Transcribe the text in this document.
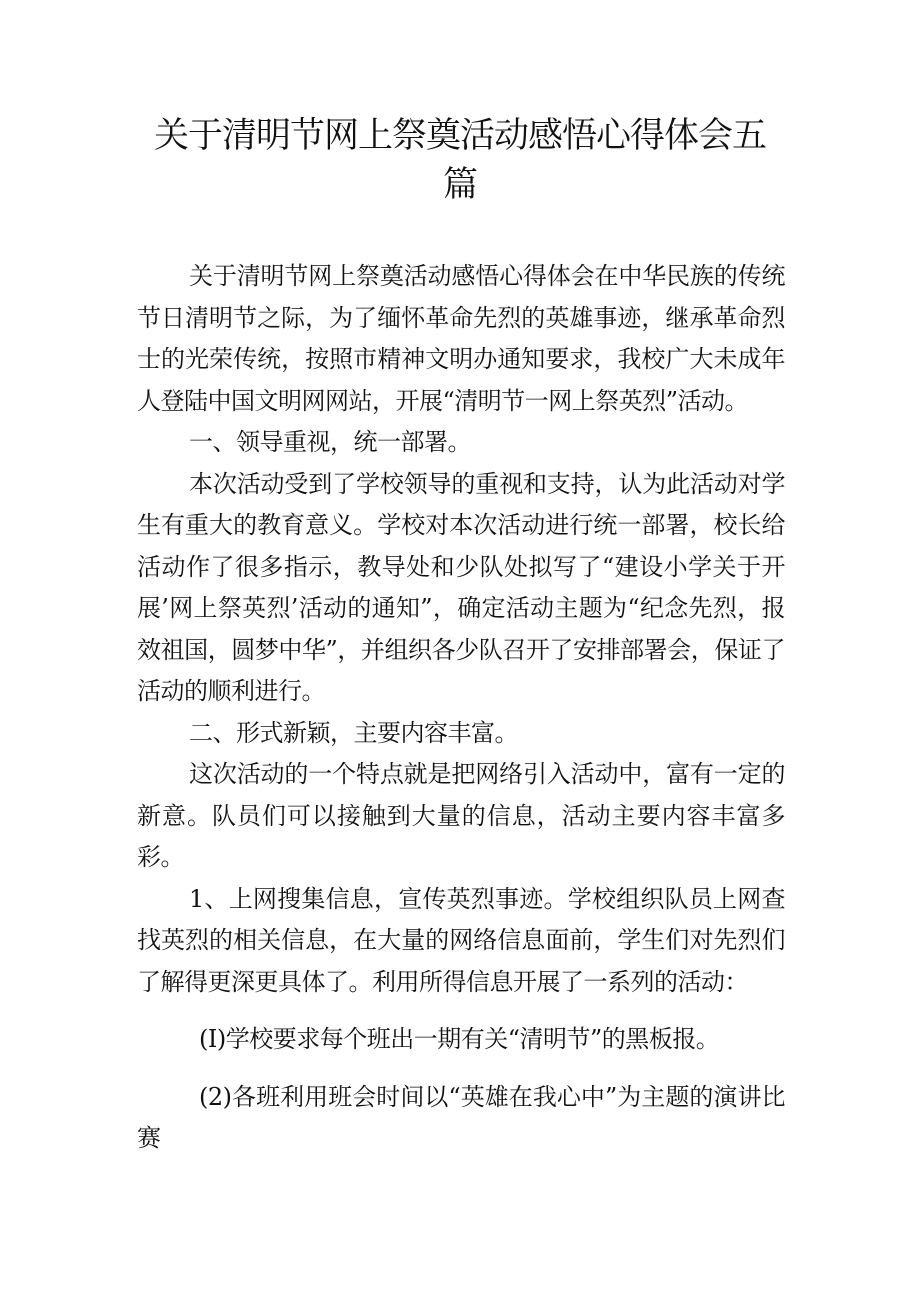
关于清明节网上祭奠活动感悟心得体会五篇

关于清明节网上祭奠活动感悟心得体会在中华民族的传统节日清明节之际，为了缅怀革命先烈的英雄事迹，继承革命烈士的光荣传统，按照市精神文明办通知要求，我校广大未成年人登陆中国文明网网站，开展“清明节一网上祭英烈”活动。

一、领导重视，统一部署。

本次活动受到了学校领导的重视和支持，认为此活动对学生有重大的教育意义。学校对本次活动进行统一部署，校长给活动作了很多指示，教导处和少队处拟写了“建设小学关于开展’网上祭英烈’活动的通知”，确定活动主题为“纪念先烈，报效祖国，圆梦中华”，并组织各少队召开了安排部署会，保证了活动的顺利进行。

二、形式新颖，主要内容丰富。

这次活动的一个特点就是把网络引入活动中，富有一定的新意。队员们可以接触到大量的信息，活动主要内容丰富多彩。

1、上网搜集信息，宣传英烈事迹。学校组织队员上网查找英烈的相关信息，在大量的网络信息面前，学生们对先烈们了解得更深更具体了。利用所得信息开展了一系列的活动：

(I)学校要求每个班出一期有关“清明节”的黑板报。

(2)各班利用班会时间以“英雄在我心中”为主题的演讲比赛
